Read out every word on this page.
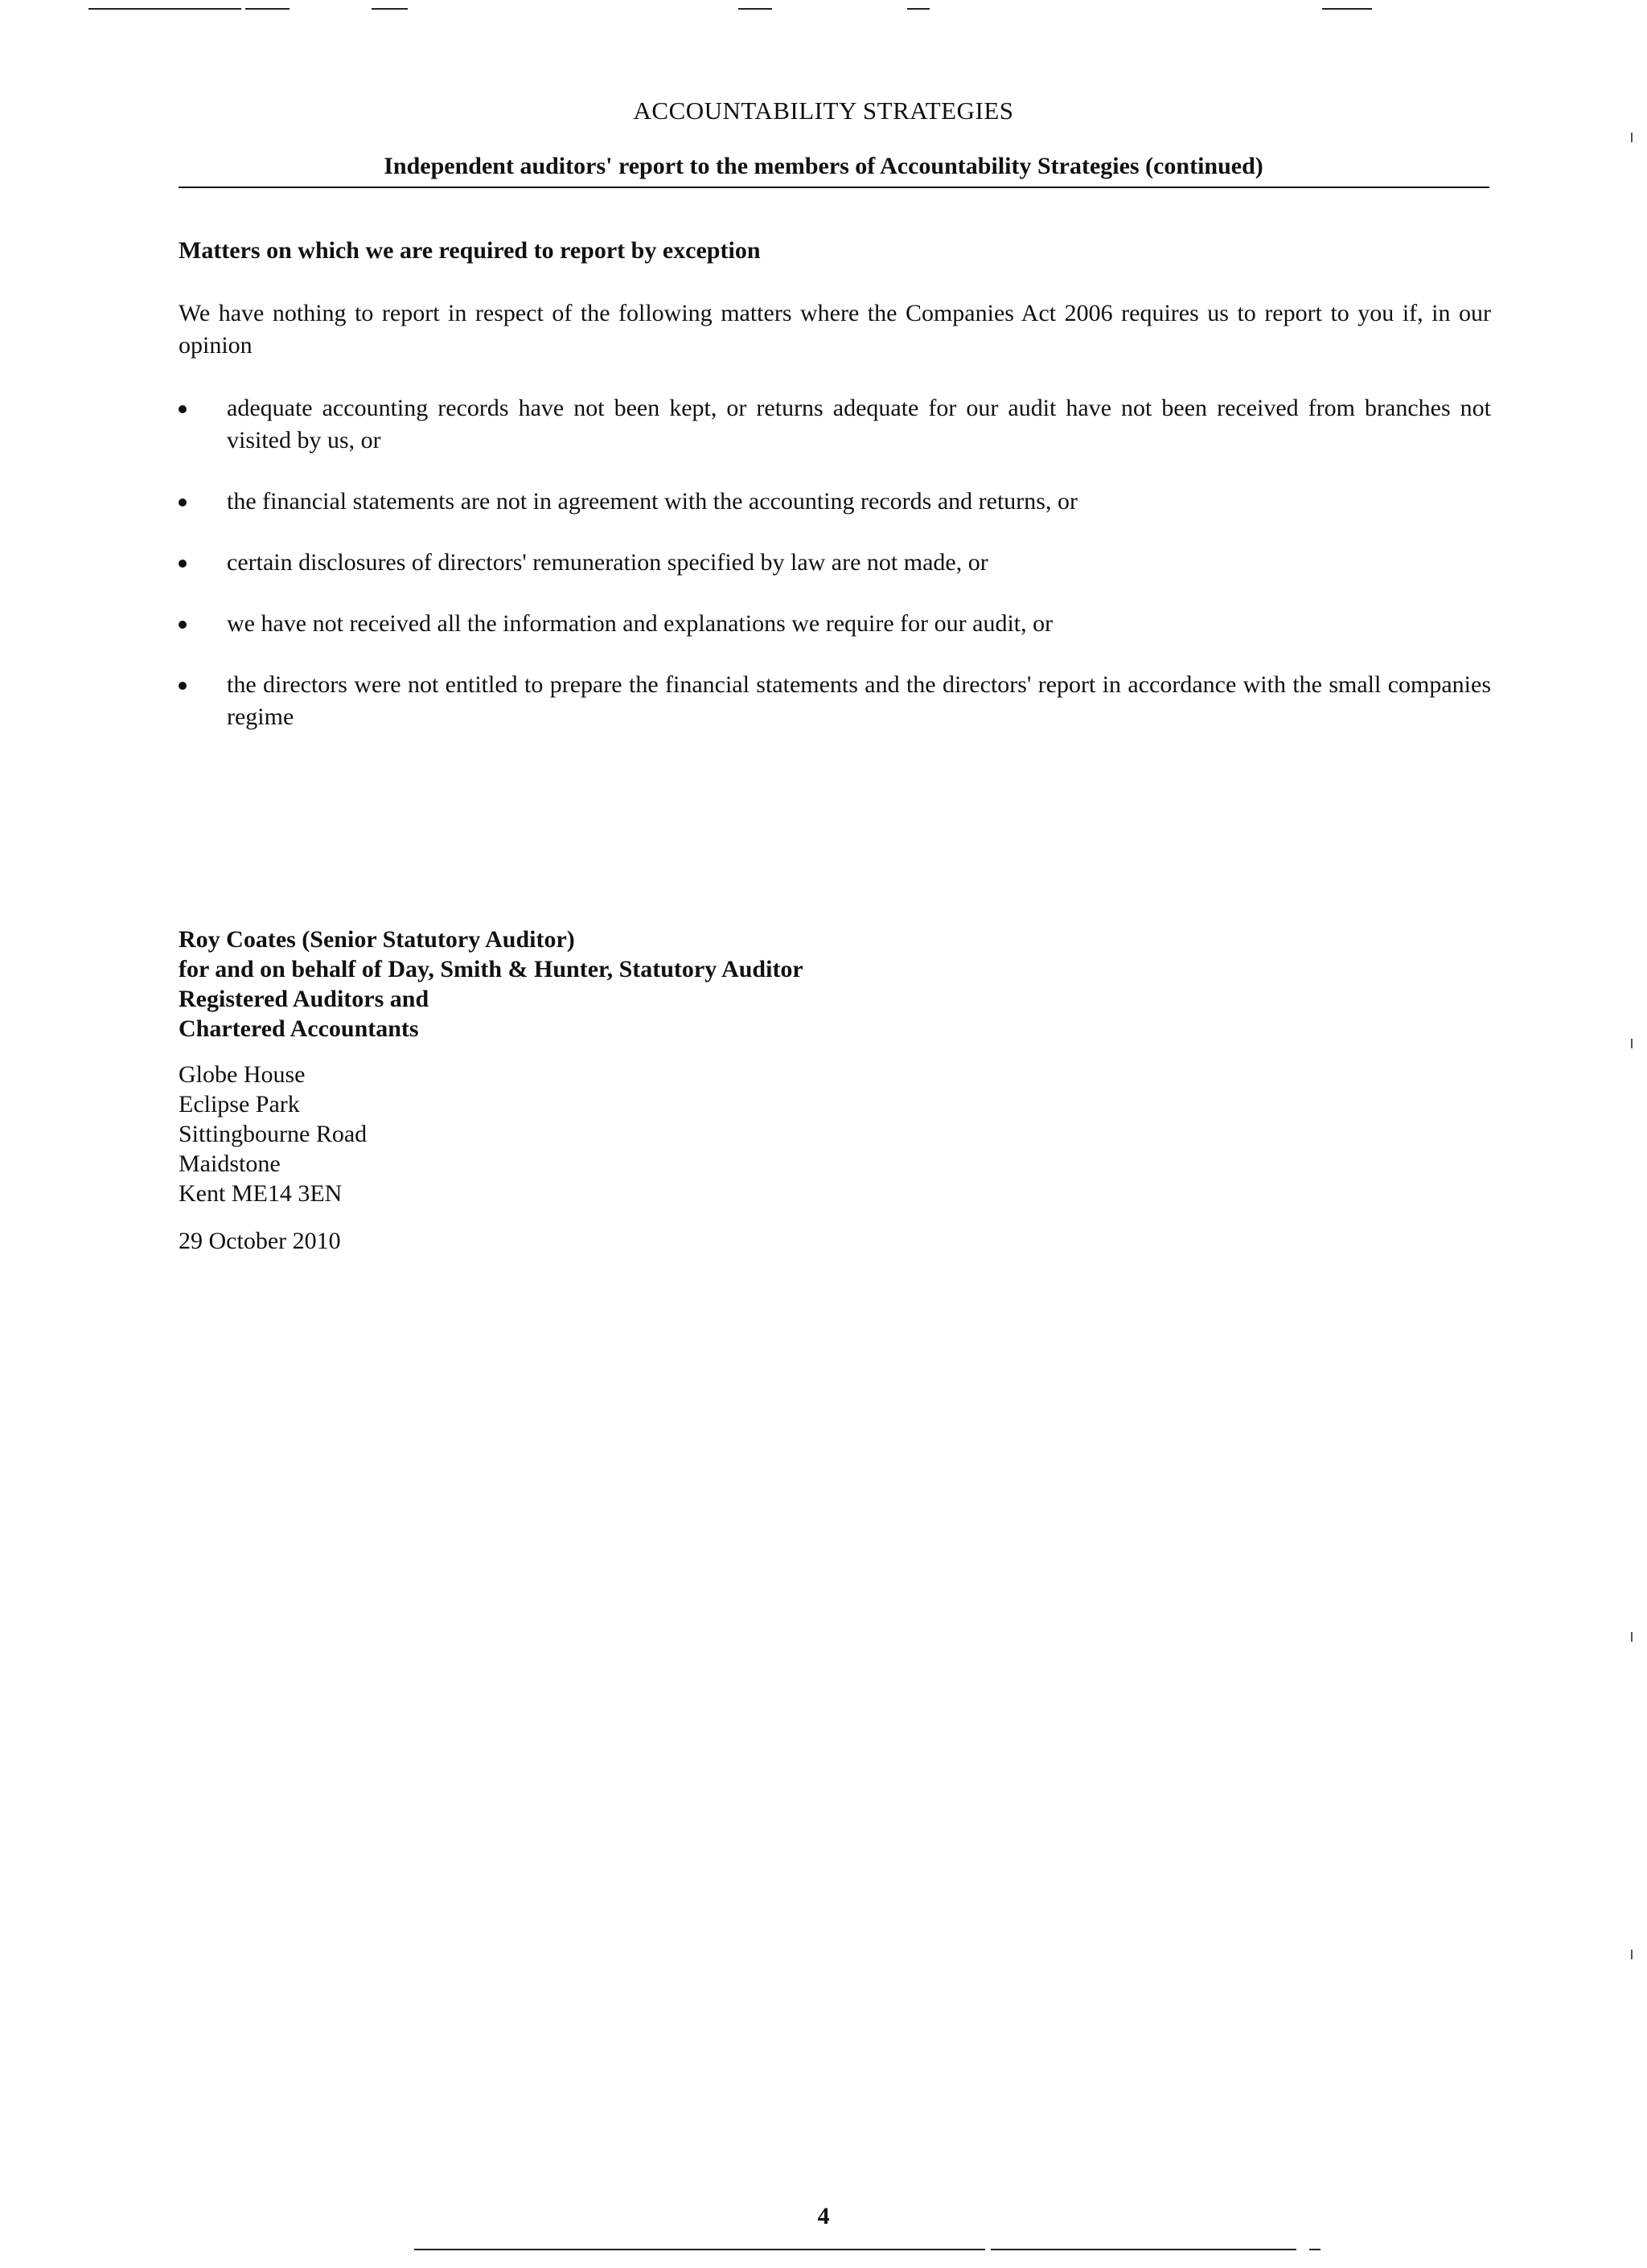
ACCOUNTABILITY STRATEGIES
Independent auditors' report to the members of Accountability Strategies (continued)
Matters on which we are required to report by exception
We have nothing to report in respect of the following matters where the Companies Act 2006 requires us to report to you if, in our opinion
adequate accounting records have not been kept, or returns adequate for our audit have not been received from branches not visited by us, or
the financial statements are not in agreement with the accounting records and returns, or
certain disclosures of directors' remuneration specified by law are not made, or
we have not received all the information and explanations we require for our audit, or
the directors were not entitled to prepare the financial statements and the directors' report in accordance with the small companies regime
Roy Coates (Senior Statutory Auditor)
for and on behalf of Day, Smith & Hunter, Statutory Auditor
Registered Auditors and
Chartered Accountants
Globe House
Eclipse Park
Sittingbourne Road
Maidstone
Kent ME14 3EN
29 October 2010
4
